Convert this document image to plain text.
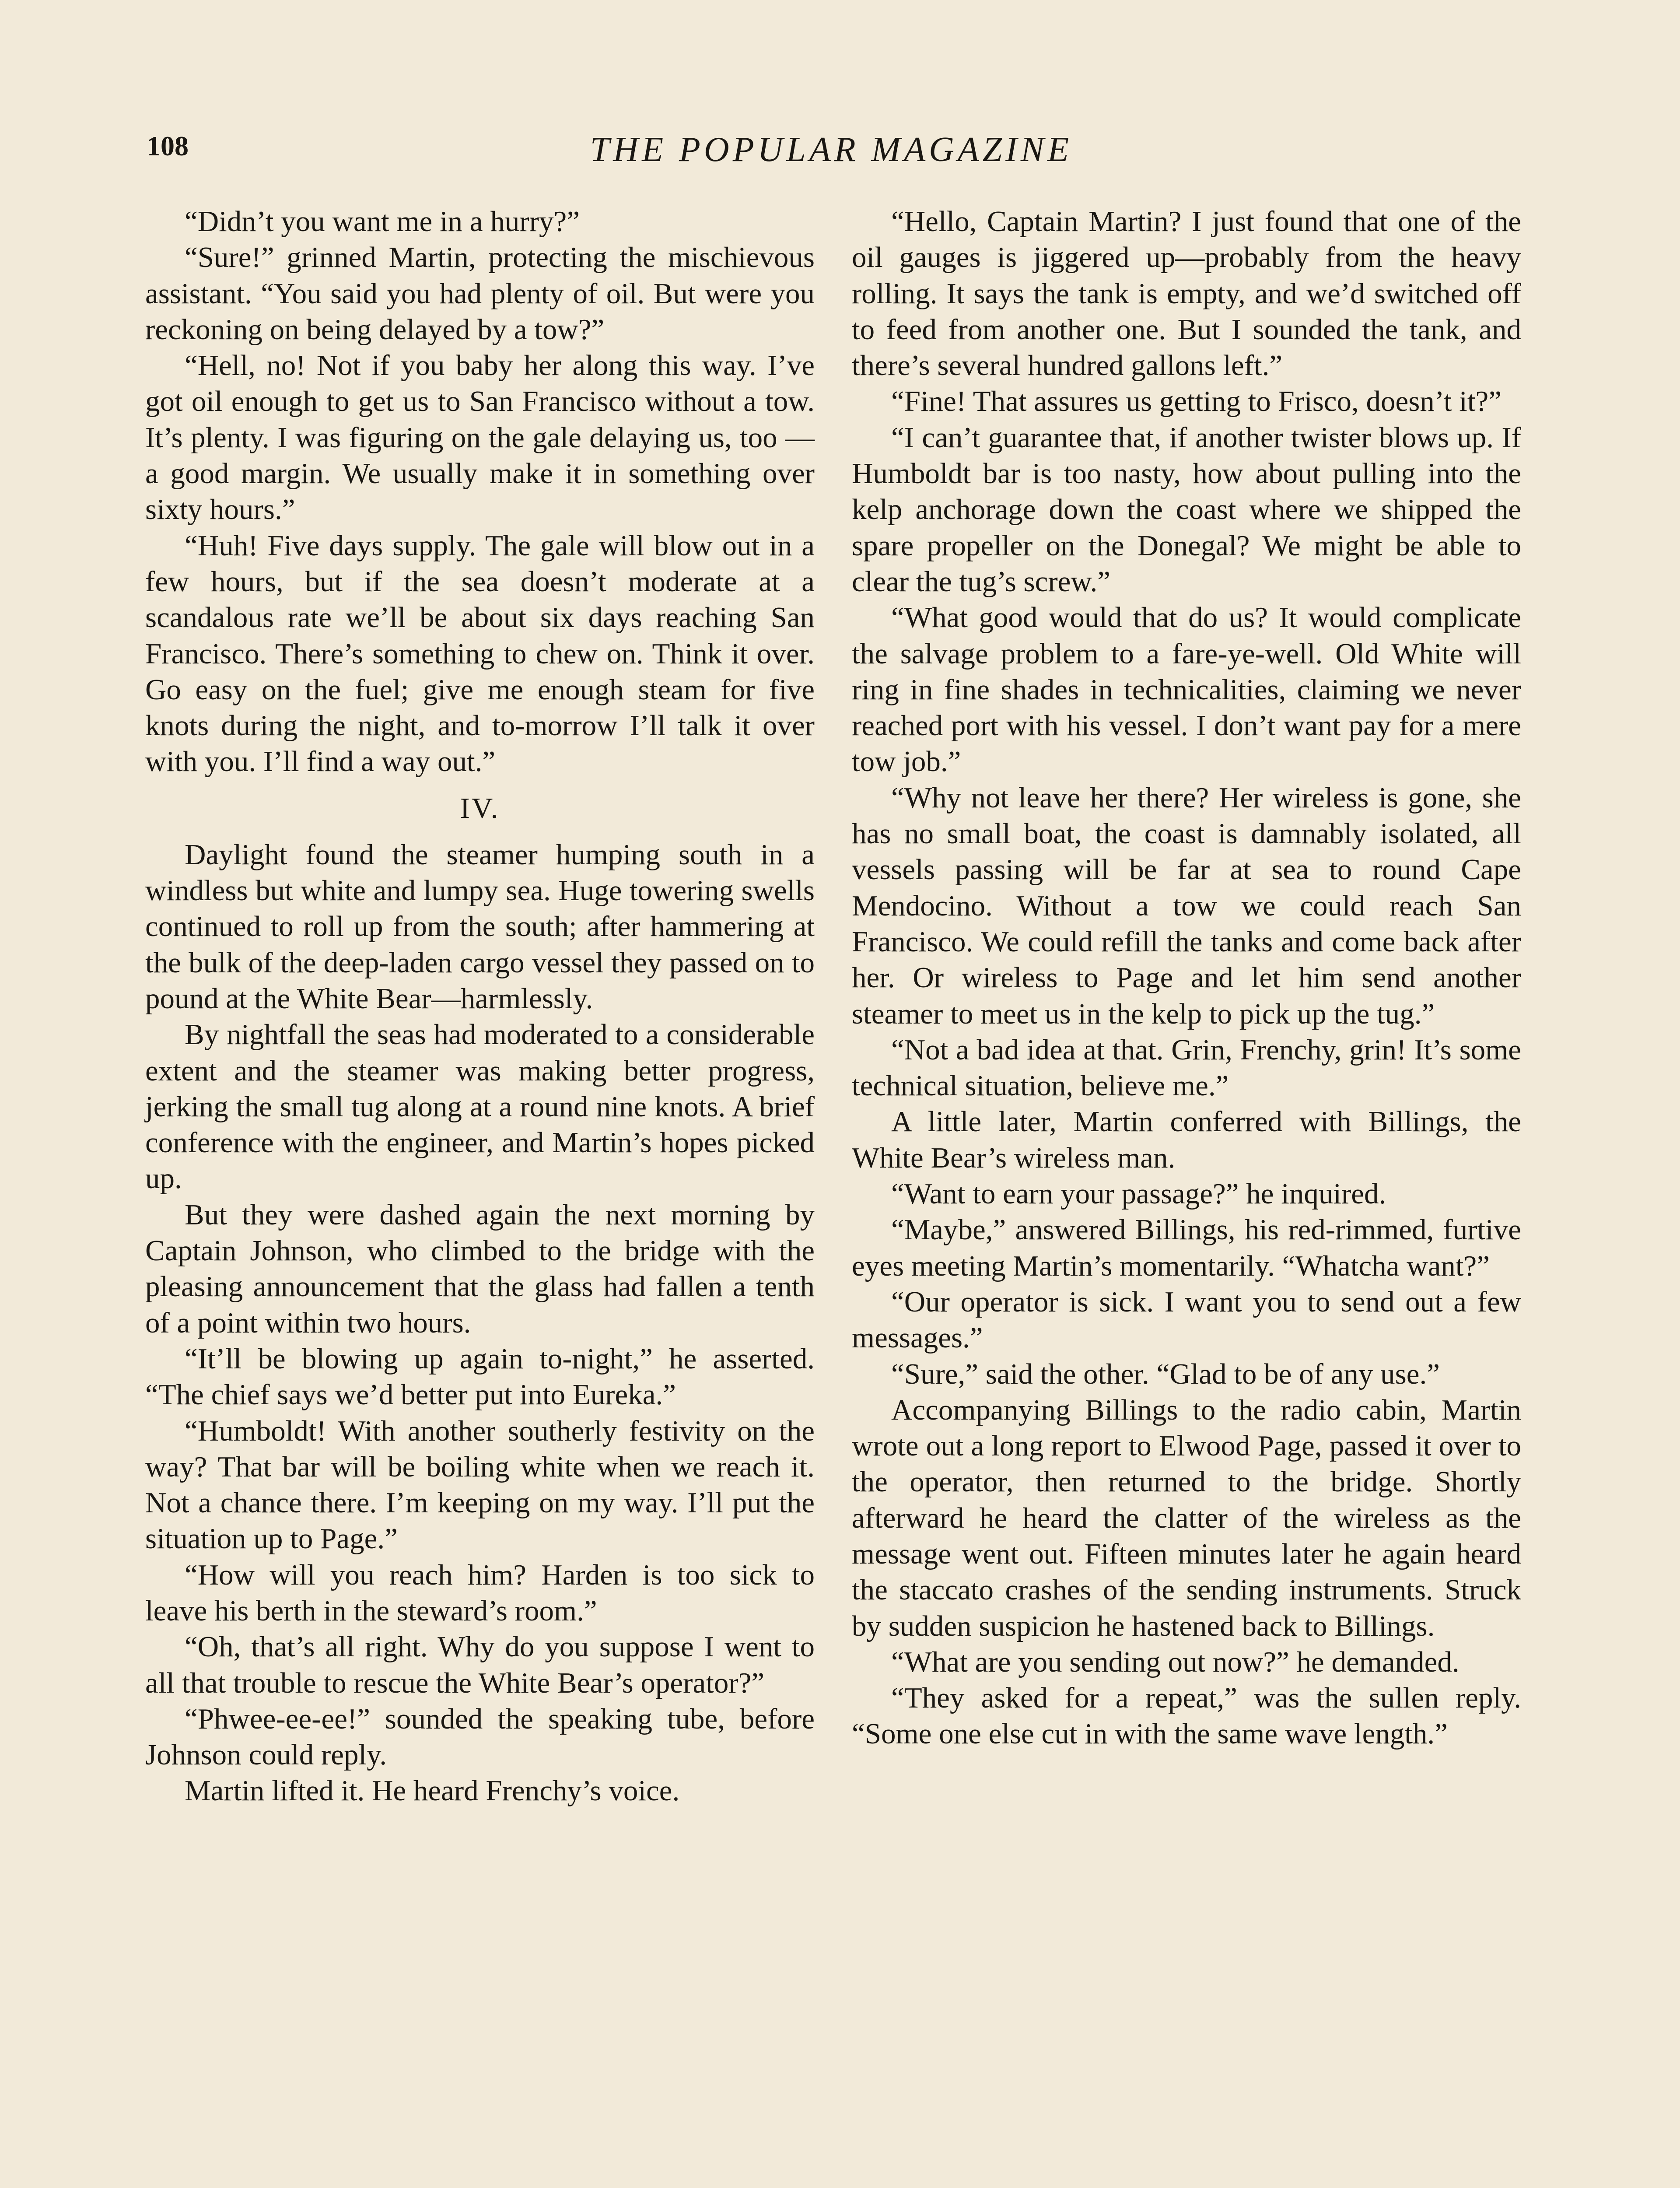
108	THE POPULAR MAGAZINE

“Didn’t you want me in a hurry?”

“Sure!” grinned Martin, protecting the mischievous assistant. “You said you had plenty of oil. But were you reckoning on being delayed by a tow?”

“Hell, no! Not if you baby her along this way. I’ve got oil enough to get us to San Francisco without a tow. It’s plenty. I was figuring on the gale delaying us, too —a good margin. We usually make it in something over sixty hours.”

“Huh! Five days supply. The gale will blow out in a few hours, but if the sea doesn’t moderate at a scandalous rate we’ll be about six days reaching San Francisco. There’s something to chew on. Think it over. Go easy on the fuel; give me enough steam for five knots during the night, and to-morrow I’ll talk it over with you. I’ll find a way out.”

IV.

Daylight found the steamer humping south in a windless but white and lumpy sea. Huge towering swells continued to roll up from the south; after hammering at the bulk of the deep-laden cargo vessel they passed on to pound at the White Bear—harmlessly.

By nightfall the seas had moderated to a considerable extent and the steamer was making better progress, jerking the small tug along at a round nine knots. A brief conference with the engineer, and Martin’s hopes picked up.

But they were dashed again the next morning by Captain Johnson, who climbed to the bridge with the pleasing announcement that the glass had fallen a tenth of a point within two hours.

“It’ll be blowing up again to-night,” he asserted. “The chief says we’d better put into Eureka.”

“Humboldt! With another southerly festivity on the way? That bar will be boiling white when we reach it. Not a chance there. I’m keeping on my way. I’ll put the situation up to Page.”

“How will you reach him? Harden is too sick to leave his berth in the steward’s room.”

“Oh, that’s all right. Why do you suppose I went to all that trouble to rescue the White Bear’s operator?”

“Phwee-ee-ee!” sounded the speaking tube, before Johnson could reply.

Martin lifted it. He heard Frenchy’s voice.

“Hello, Captain Martin? I just found that one of the oil gauges is jiggered up—probably from the heavy rolling. It says the tank is empty, and we’d switched off to feed from another one. But I sounded the tank, and there’s several hundred gallons left.”

“Fine! That assures us getting to Frisco, doesn’t it?”

“I can’t guarantee that, if another twister blows up. If Humboldt bar is too nasty, how about pulling into the kelp anchorage down the coast where we shipped the spare propeller on the Donegal? We might be able to clear the tug’s screw.”

“What good would that do us? It would complicate the salvage problem to a fare-ye-well. Old White will ring in fine shades in technicalities, claiming we never reached port with his vessel. I don’t want pay for a mere tow job.”

“Why not leave her there? Her wireless is gone, she has no small boat, the coast is damnably isolated, all vessels passing will be far at sea to round Cape Mendocino. Without a tow we could reach San Francisco. We could refill the tanks and come back after her. Or wireless to Page and let him send another steamer to meet us in the kelp to pick up the tug.”

“Not a bad idea at that. Grin, Frenchy, grin! It’s some technical situation, believe me.”

A little later, Martin conferred with Billings, the White Bear’s wireless man.

“Want to earn your passage?” he inquired.

“Maybe,” answered Billings, his red-rimmed, furtive eyes meeting Martin’s momentarily. “Whatcha want?”

“Our operator is sick. I want you to send out a few messages.”

“Sure,” said the other. “Glad to be of any use.”

Accompanying Billings to the radio cabin, Martin wrote out a long report to Elwood Page, passed it over to the operator, then returned to the bridge. Shortly afterward he heard the clatter of the wireless as the message went out. Fifteen minutes later he again heard the staccato crashes of the sending instruments. Struck by sudden suspicion he hastened back to Billings.

“What are you sending out now?” he demanded.

“They asked for a repeat,” was the sullen reply. “Some one else cut in with the same wave length.”
